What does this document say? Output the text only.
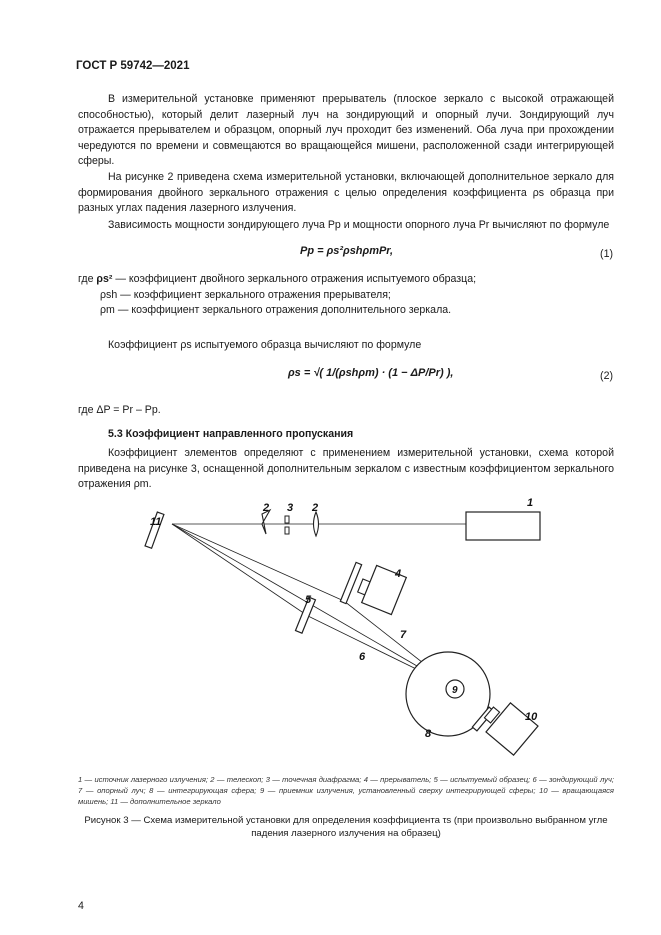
ГОСТ Р 59742—2021
В измерительной установке применяют прерыватель (плоское зеркало с высокой отражающей способностью), который делит лазерный луч на зондирующий и опорный лучи. Зондирующий луч отражается прерывателем и образцом, опорный луч проходит без изменений. Оба луча при прохождении чередуются по времени и совмещаются во вращающейся мишени, расположенной сзади интегрирующей сферы.
На рисунке 2 приведена схема измерительной установки, включающей дополнительное зеркало для формирования двойного зеркального отражения с целью определения коэффициента ρs образца при разных углах падения лазерного излучения.
Зависимость мощности зондирующего луча Pp и мощности опорного луча Pr вычисляют по формуле
Pp = ρs²ρshρmPr,	(1)
где ρs² — коэффициент двойного зеркального отражения испытуемого образца;
ρsh — коэффициент зеркального отражения прерывателя;
ρm — коэффициент зеркального отражения дополнительного зеркала.
Коэффициент ρs испытуемого образца вычисляют по формуле
ρs = √( 1/(ρshρm) · (1 − ΔP/Pr) ),	(2)
где ΔP = Pr – Pp.
5.3 Коэффициент направленного пропускания
Коэффициент элементов определяют с применением измерительной установки, схема которой приведена на рисунке 3, оснащенной дополнительным зеркалом с известным коэффициентом зеркального отражения ρm.
1
2 3 2
4
5
6
7
8
9
10
11
1 — источник лазерного излучения; 2 — телескоп; 3 — точечная диафрагма; 4 — прерыватель; 5 — испытуемый образец; 6 — зондирующий луч; 7 — опорный луч; 8 — интегрирующая сфера; 9 — приемник излучения, установленный сверху интегрирующей сферы; 10 — вращающаяся мишень; 11 — дополнительное зеркало
Рисунок 3 — Схема измерительной установки для определения коэффициента τs (при произвольно выбранном угле падения лазерного излучения на образец)
4
